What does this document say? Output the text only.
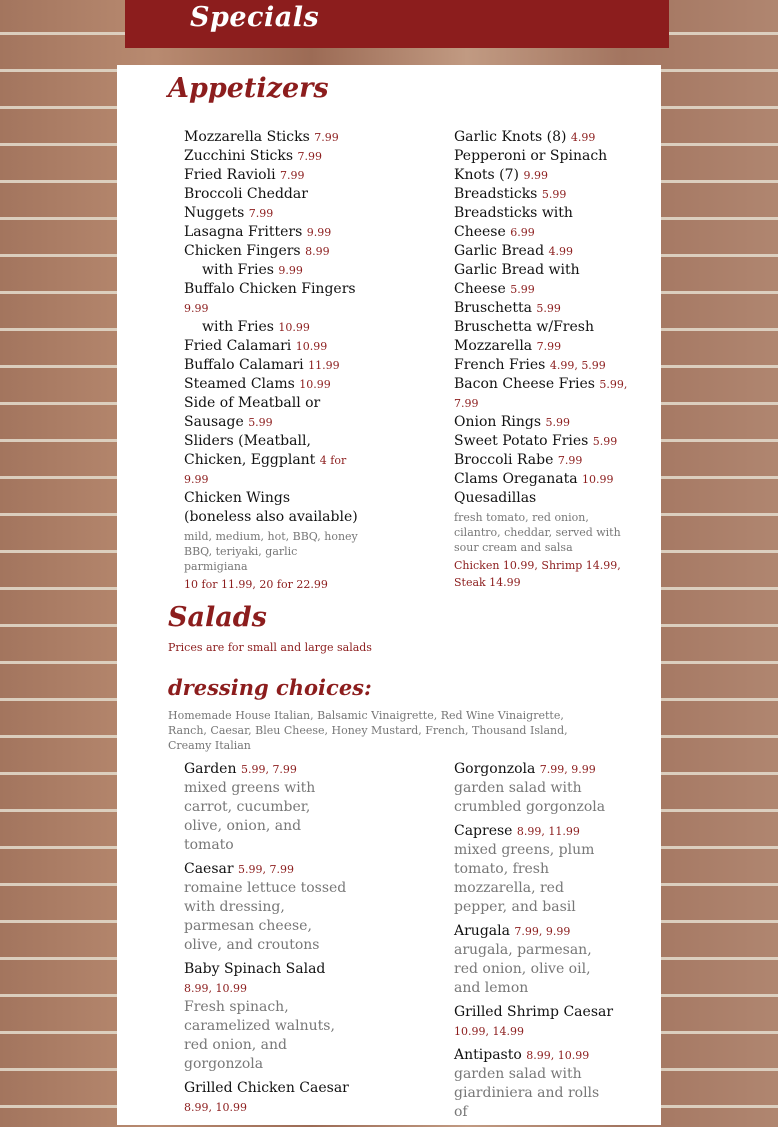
Specials
Appetizers
Mozzarella Sticks 7.99
Zucchini Sticks 7.99
Fried Ravioli 7.99
Broccoli Cheddar Nuggets 7.99
Lasagna Fritters 9.99
Chicken Fingers 8.99
with Fries 9.99
Buffalo Chicken Fingers 9.99
with Fries 10.99
Fried Calamari 10.99
Buffalo Calamari 11.99
Steamed Clams 10.99
Side of Meatball or Sausage 5.99
Sliders (Meatball, Chicken, Eggplant 4 for 9.99
Chicken Wings (boneless also available)
mild, medium, hot, BBQ, honey BBQ, teriyaki, garlic parmigiana
10 for 11.99, 20 for 22.99
Garlic Knots (8) 4.99
Pepperoni or Spinach Knots (7) 9.99
Breadsticks 5.99
Breadsticks with Cheese 6.99
Garlic Bread 4.99
Garlic Bread with Cheese 5.99
Bruschetta 5.99
Bruschetta w/Fresh Mozzarella 7.99
French Fries 4.99, 5.99
Bacon Cheese Fries 5.99, 7.99
Onion Rings 5.99
Sweet Potato Fries 5.99
Broccoli Rabe 7.99
Clams Oreganata 10.99
Quesadillas
fresh tomato, red onion, cilantro, cheddar, served with sour cream and salsa
Chicken 10.99, Shrimp 14.99, Steak 14.99
Salads
Prices are for small and large salads
dressing choices:
Homemade House Italian, Balsamic Vinaigrette, Red Wine Vinaigrette, Ranch, Caesar, Bleu Cheese, Honey Mustard, French, Thousand Island, Creamy Italian
Garden 5.99, 7.99
mixed greens with carrot, cucumber, olive, onion, and tomato
Caesar 5.99, 7.99
romaine lettuce tossed with dressing, parmesan cheese, olive, and croutons
Baby Spinach Salad 8.99, 10.99
Fresh spinach, caramelized walnuts, red onion, and gorgonzola
Grilled Chicken Caesar 8.99, 10.99
Gorgonzola 7.99, 9.99
garden salad with crumbled gorgonzola
Caprese 8.99, 11.99
mixed greens, plum tomato, fresh mozzarella, red pepper, and basil
Arugala 7.99, 9.99
arugala, parmesan, red onion, olive oil, and lemon
Grilled Shrimp Caesar 10.99, 14.99
Antipasto 8.99, 10.99
garden salad with giardiniera and rolls of
